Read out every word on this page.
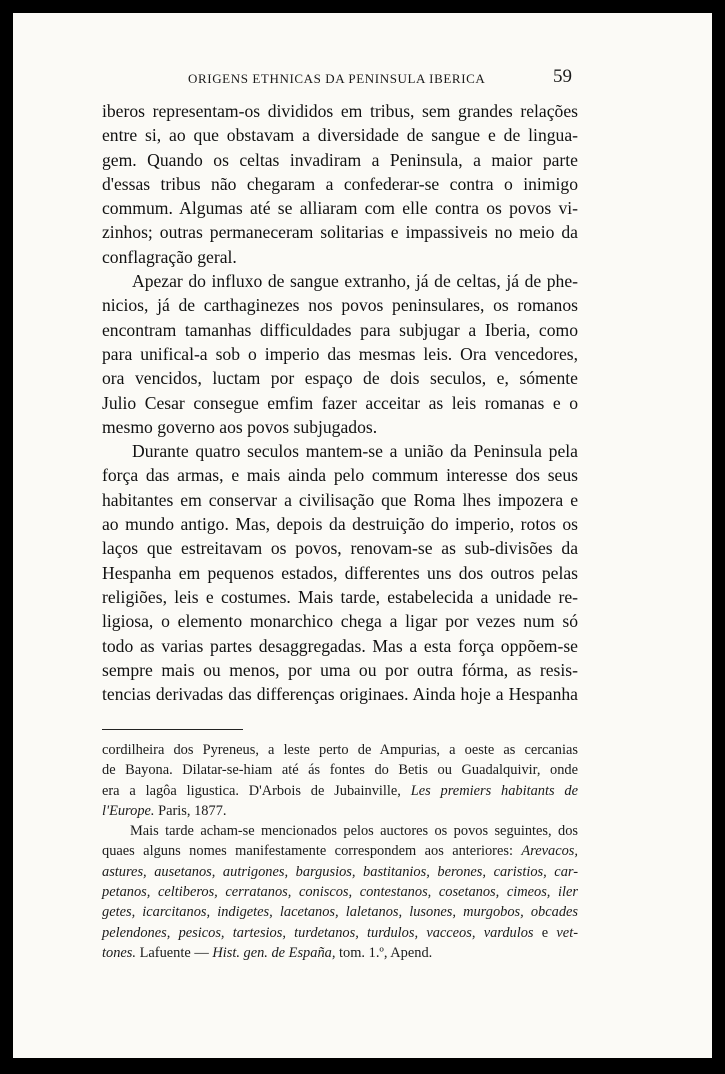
ORIGENS ETHNICAS DA PENINSULA IBERICA	59
iberos representam-os divididos em tribus, sem grandes relações
entre si, ao que obstavam a diversidade de sangue e de lingua-
gem. Quando os celtas invadiram a Peninsula, a maior parte
d'essas tribus não chegaram a confederar-se contra o inimigo
commum. Algumas até se alliaram com elle contra os povos vi-
zinhos; outras permaneceram solitarias e impassiveis no meio da
conflagração geral.
Apezar do influxo de sangue extranho, já de celtas, já de phe-
nicios, já de carthaginezes nos povos peninsulares, os romanos
encontram tamanhas difficuldades para subjugar a Iberia, como
para unifical-a sob o imperio das mesmas leis. Ora vencedores,
ora vencidos, luctam por espaço de dois seculos, e, sómente
Julio Cesar consegue emfim fazer acceitar as leis romanas e o
mesmo governo aos povos subjugados.
Durante quatro seculos mantem-se a união da Peninsula pela
força das armas, e mais ainda pelo commum interesse dos seus
habitantes em conservar a civilisação que Roma lhes impozera e
ao mundo antigo. Mas, depois da destruição do imperio, rotos os
laços que estreitavam os povos, renovam-se as sub-divisões da
Hespanha em pequenos estados, differentes uns dos outros pelas
religiões, leis e costumes. Mais tarde, estabelecida a unidade re-
ligiosa, o elemento monarchico chega a ligar por vezes num só
todo as varias partes desaggregadas. Mas a esta força oppõem-se
sempre mais ou menos, por uma ou por outra fórma, as resis-
tencias derivadas das differenças originaes. Ainda hoje a Hespanha
cordilheira dos Pyreneus, a leste perto de Ampurias, a oeste as cercanias
de Bayona. Dilatar-se-hiam até ás fontes do Betis ou Guadalquivir, onde
era a lagôa ligustica. D'Arbois de Jubainville, Les premiers habitants de
l'Europe. Paris, 1877.
Mais tarde acham-se mencionados pelos auctores os povos seguintes, dos
quaes alguns nomes manifestamente correspondem aos anteriores: Arevacos,
astures, ausetanos, autrigones, bargusios, bastitanios, berones, caristios, car-
petanos, celtiberos, cerratanos, coniscos, contestanos, cosetanos, cimeos, iler
getes, icarcitanos, indigetes, lacetanos, laletanos, lusones, murgobos, obcades
pelendones, pesicos, tartesios, turdetanos, turdulos, vacceos, vardulos e vet-
tones. Lafuente — Hist. gen. de España, tom. 1.º, Apend.
